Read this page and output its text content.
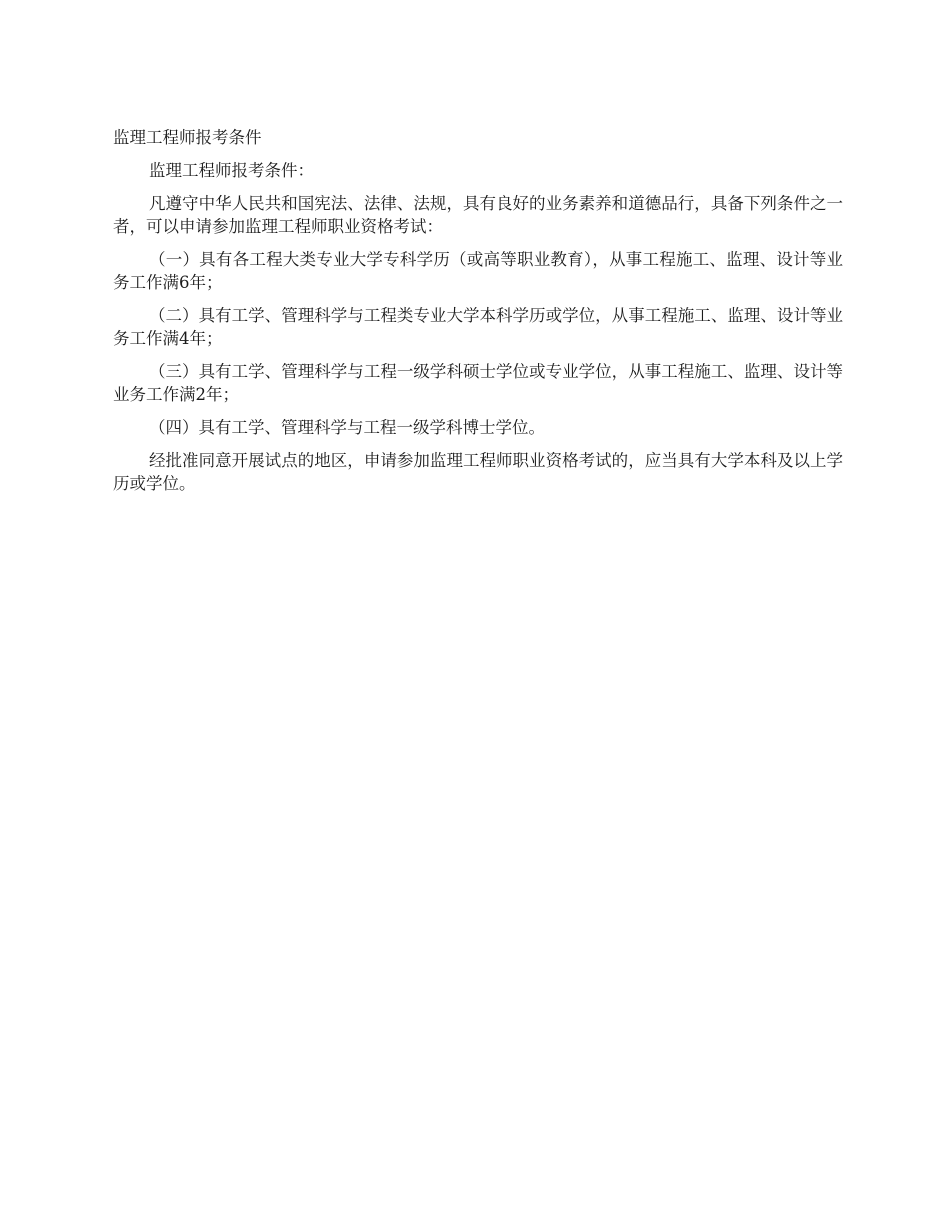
监理工程师报考条件

监理工程师报考条件：

凡遵守中华人民共和国宪法、法律、法规，具有良好的业务素养和道德品行，具备下列条件之一者，可以申请参加监理工程师职业资格考试：

（一）具有各工程大类专业大学专科学历（或高等职业教育），从事工程施工、监理、设计等业务工作满6年；

（二）具有工学、管理科学与工程类专业大学本科学历或学位，从事工程施工、监理、设计等业务工作满4年；

（三）具有工学、管理科学与工程一级学科硕士学位或专业学位，从事工程施工、监理、设计等业务工作满2年；

（四）具有工学、管理科学与工程一级学科博士学位。

经批准同意开展试点的地区，申请参加监理工程师职业资格考试的，应当具有大学本科及以上学历或学位。
